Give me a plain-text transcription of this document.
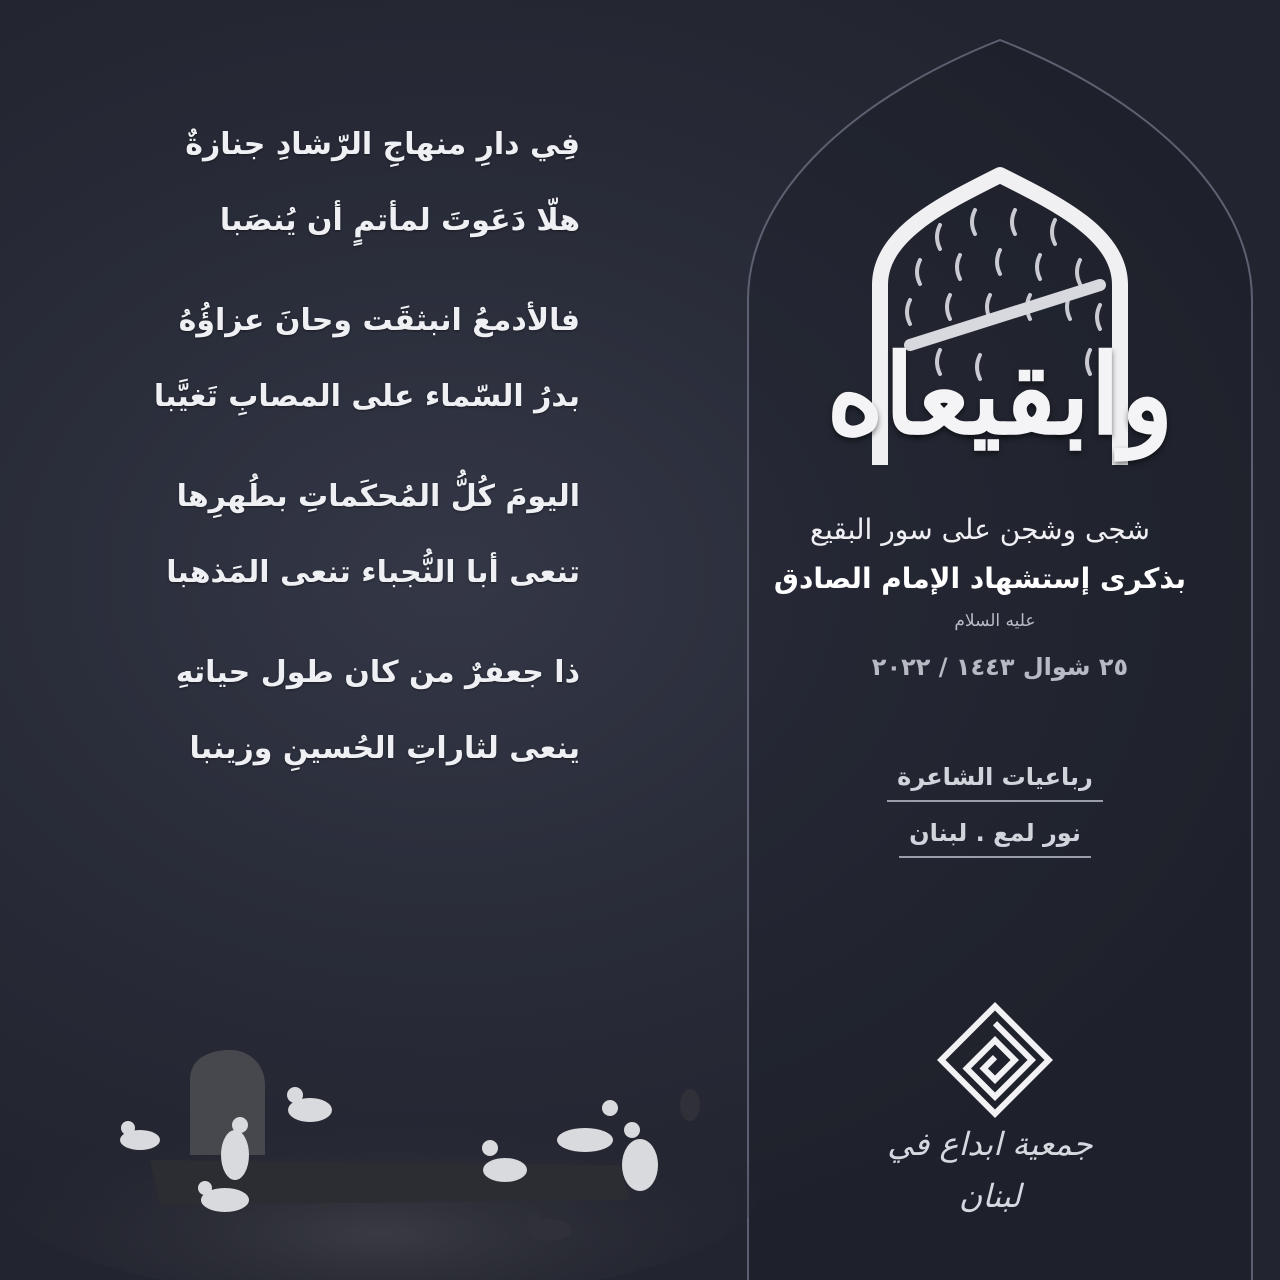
فِي دارِ منهاجِ الرّشادِ جنازةٌ
هلّا دَعَوتَ لمأتمٍ أن يُنصَبا
فالأدمعُ انبثقَت وحانَ عزاؤُهُ
بدرُ السّماء على المصابِ تَغيَّبا
اليومَ كُلُّ المُحكَماتِ بطُهرِها
تنعى أبا النُّجباء تنعى المَذهبا
ذا جعفرٌ من كان طول حياتهِ
ينعى لثاراتِ الحُسينِ وزينبا
وابقيعاه
شجى وشجن على سور البقيع
بذكرى إستشهاد الإمام الصادق
عليه السلام
٢٥ شوال ١٤٤٣ / ٢٠٢٢
رباعيات الشاعرة
نور لمع . لبنان
جمعية ابداع في لبنان
